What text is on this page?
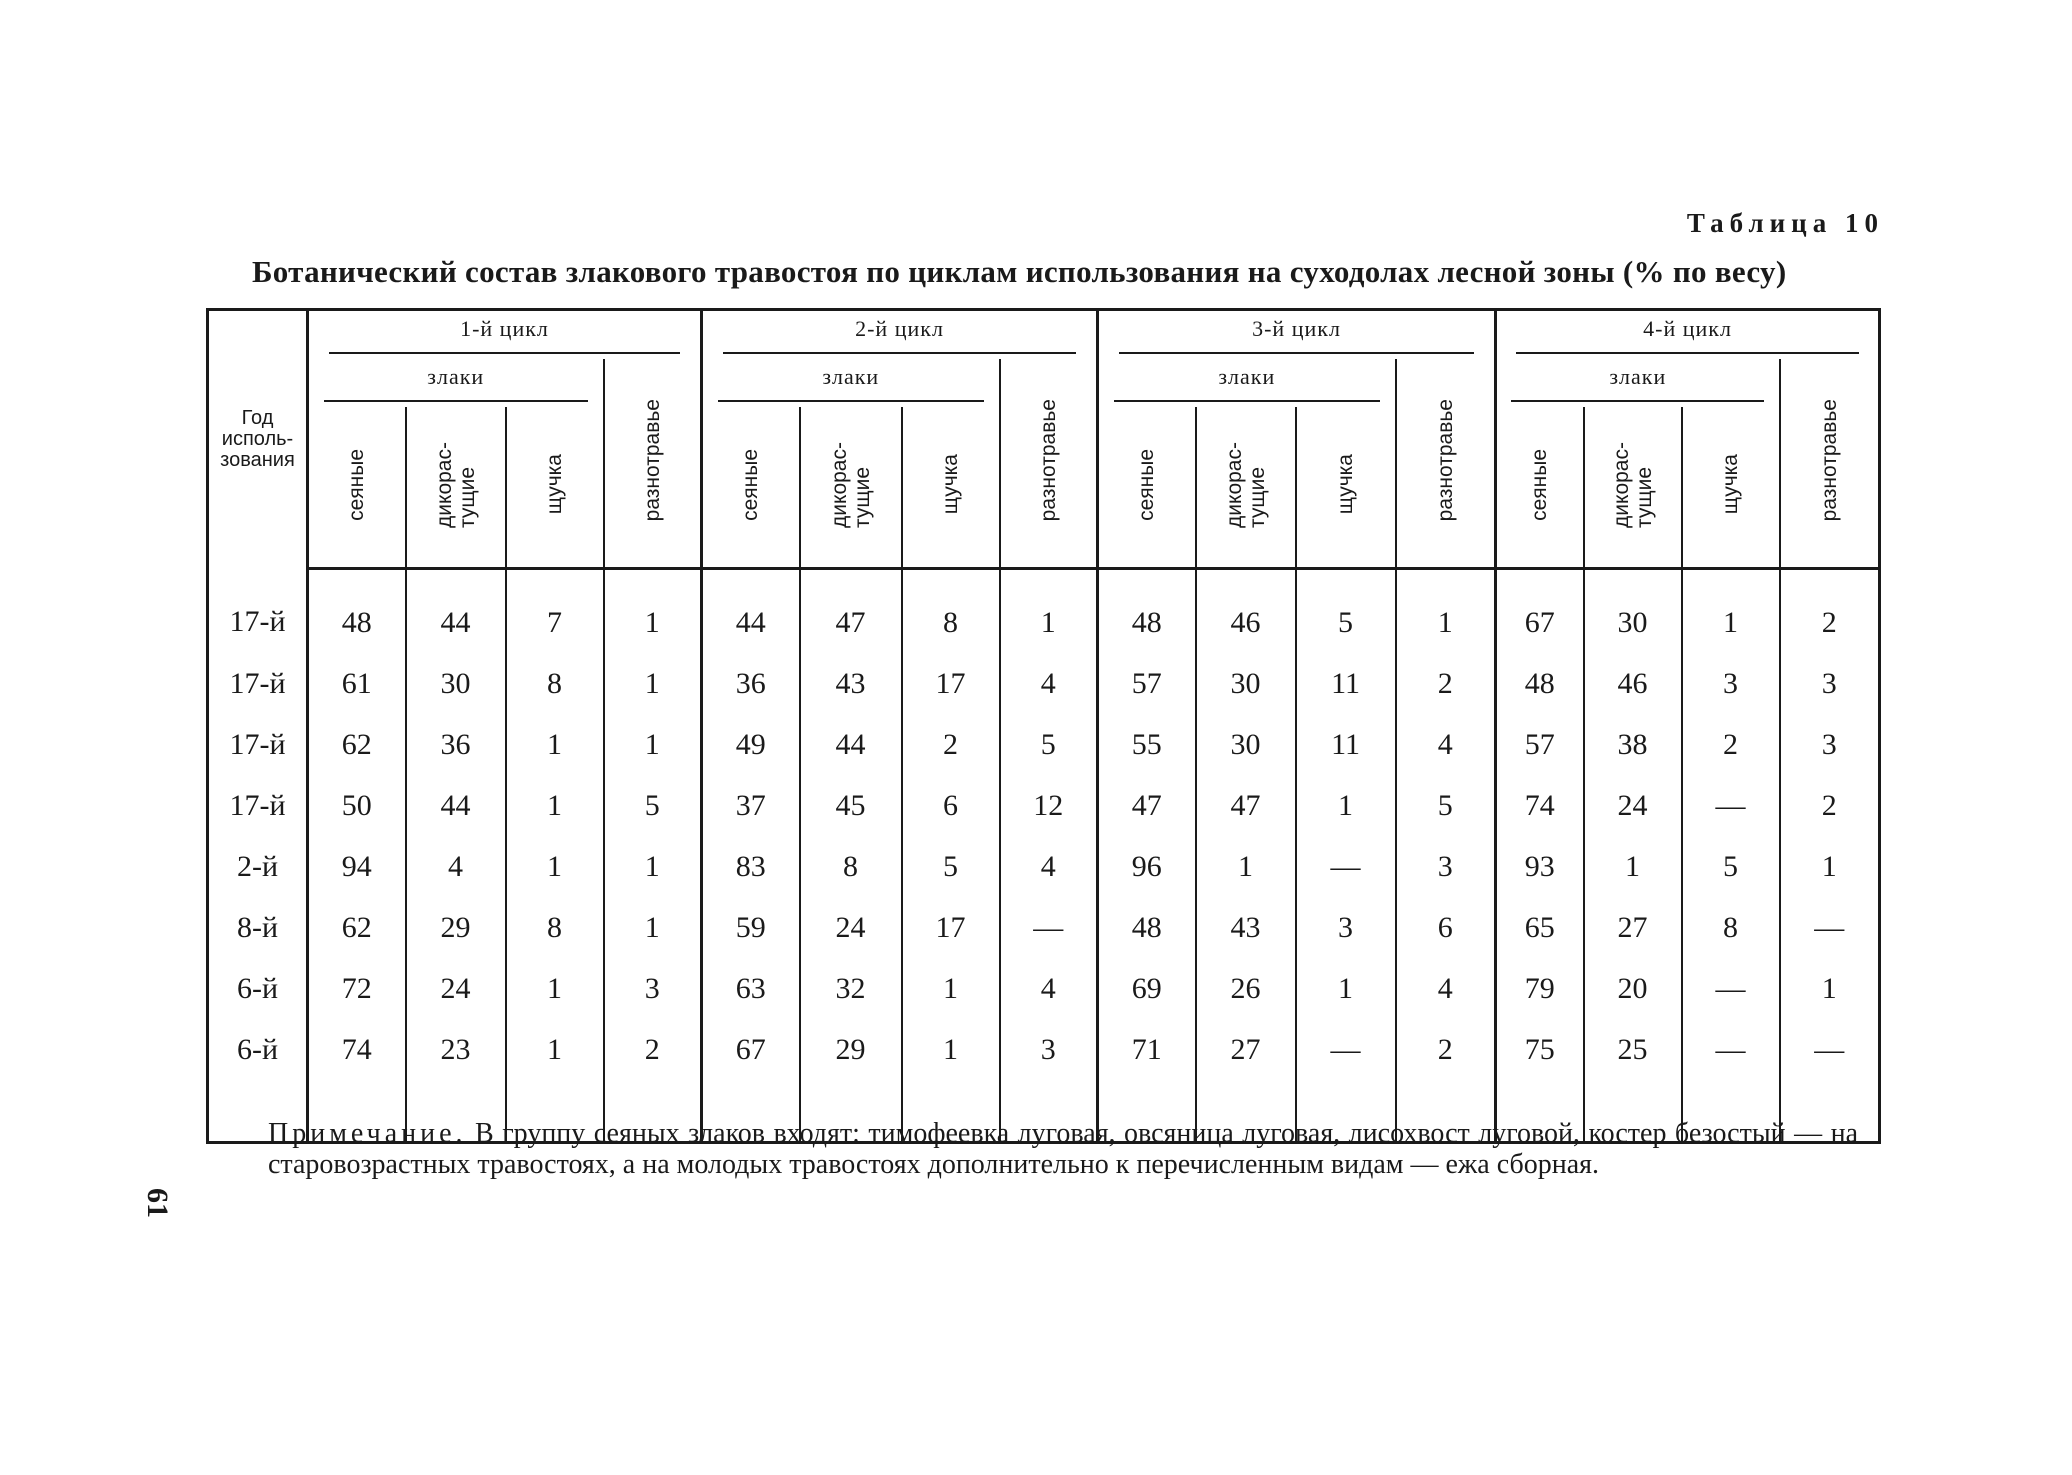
Таблица 10
Ботанический состав злакового травостоя по циклам использования на суходолах лесной зоны (% по весу)
Год
исполь-
зования	1-й цикл				2-й цикл				3-й цикл				4-й цикл			
	злаки			разнотравье	злаки			разнотравье	злаки			разнотравье	злаки			разнотравье
	сеяные	дикорас-
тущие	щучка		сеяные	дикорас-
тущие	щучка		сеяные	дикорас-
тущие	щучка		сеяные	дикорас-
тущие	щучка	
17-й	48	44	7	1	44	47	8	1	48	46	5	1	67	30	1	2
17-й	61	30	8	1	36	43	17	4	57	30	11	2	48	46	3	3
17-й	62	36	1	1	49	44	2	5	55	30	11	4	57	38	2	3
17-й	50	44	1	5	37	45	6	12	47	47	1	5	74	24	—	2
2-й	94	4	1	1	83	8	5	4	96	1	—	3	93	1	5	1
8-й	62	29	8	1	59	24	17	—	48	43	3	6	65	27	8	—
6-й	72	24	1	3	63	32	1	4	69	26	1	4	79	20	—	1
6-й	74	23	1	2	67	29	1	3	71	27	—	2	75	25	—	—

Примечание. В группу сеяных злаков входят: тимофеевка луговая, овсяница луговая, лисохвост луговой, костер безостый — на старовозрастных травостоях, а на молодых травостоях дополнительно к перечисленным видам — ежа сборная.
61
